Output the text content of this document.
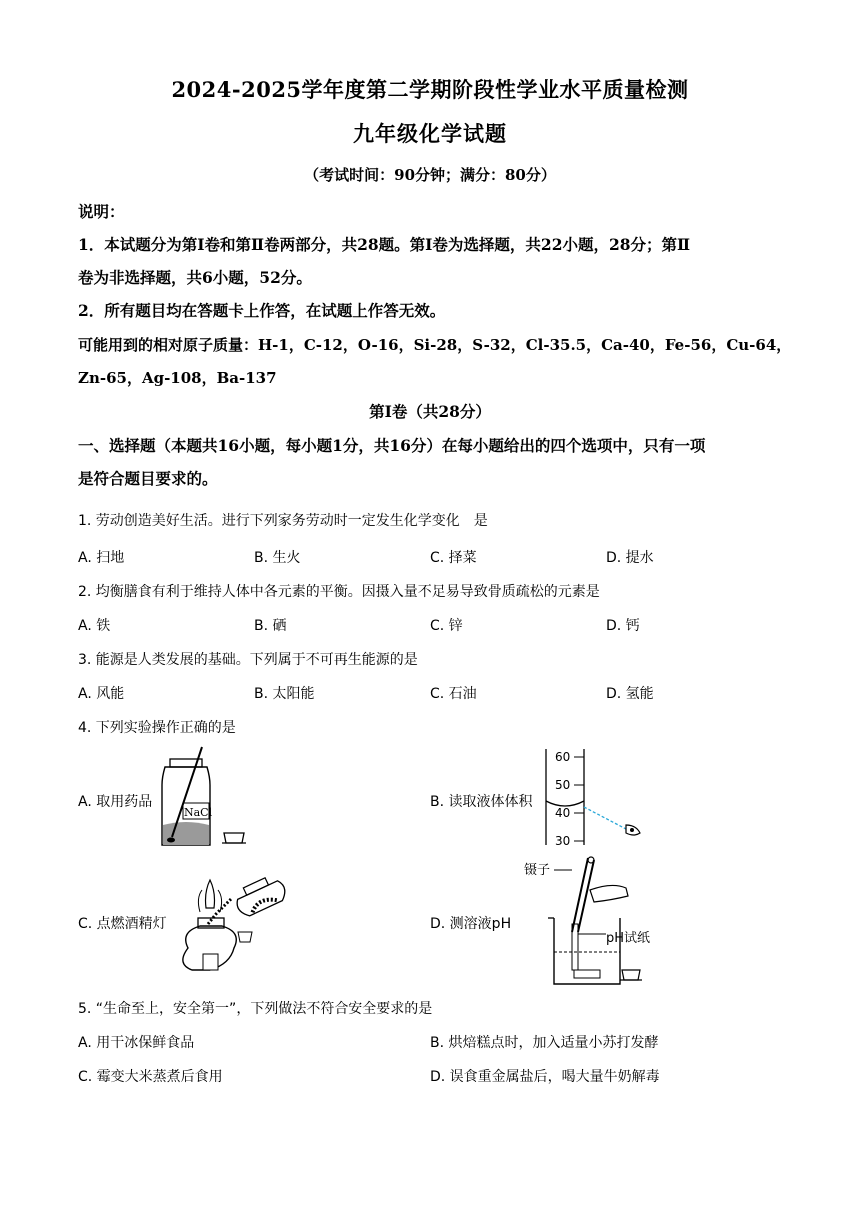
2024-2025学年度第二学期阶段性学业水平质量检测
九年级化学试题
（考试时间：90分钟；满分：80分）
说明：
1．本试题分为第Ⅰ卷和第Ⅱ卷两部分，共28题。第Ⅰ卷为选择题，共22小题，28分；第Ⅱ
卷为非选择题，共6小题，52分。
2．所有题目均在答题卡上作答，在试题上作答无效。
可能用到的相对原子质量：H-1，C-12，O-16，Si-28，S-32，Cl-35.5，Ca-40，Fe-56，Cu-64，
Zn-65，Ag-108，Ba-137
第Ⅰ卷（共28分）
一、选择题（本题共16小题，每小题1分，共16分）在每小题给出的四个选项中，只有一项
是符合题目要求的。
1. 劳动创造美好生活。进行下列家务劳动时一定发生化学变化　是
A. 扫地	B. 生火	C. 择菜	D. 提水
2. 均衡膳食有利于维持人体中各元素的平衡。因摄入量不足易导致骨质疏松的元素是
A. 铁	B. 硒	C. 锌	D. 钙
3. 能源是人类发展的基础。下列属于不可再生能源的是
A. 风能	B. 太阳能	C. 石油	D. 氢能
4. 下列实验操作正确的是
A. 取用药品	B. 读取液体体积
C. 点燃酒精灯	D. 测溶液pH
NaCl
60
50
40
30
镊子
pH试纸
5. “生命至上，安全第一”，下列做法不符合安全要求的是
A. 用干冰保鲜食品	B. 烘焙糕点时，加入适量小苏打发酵
C. 霉变大米蒸煮后食用	D. 误食重金属盐后，喝大量牛奶解毒
